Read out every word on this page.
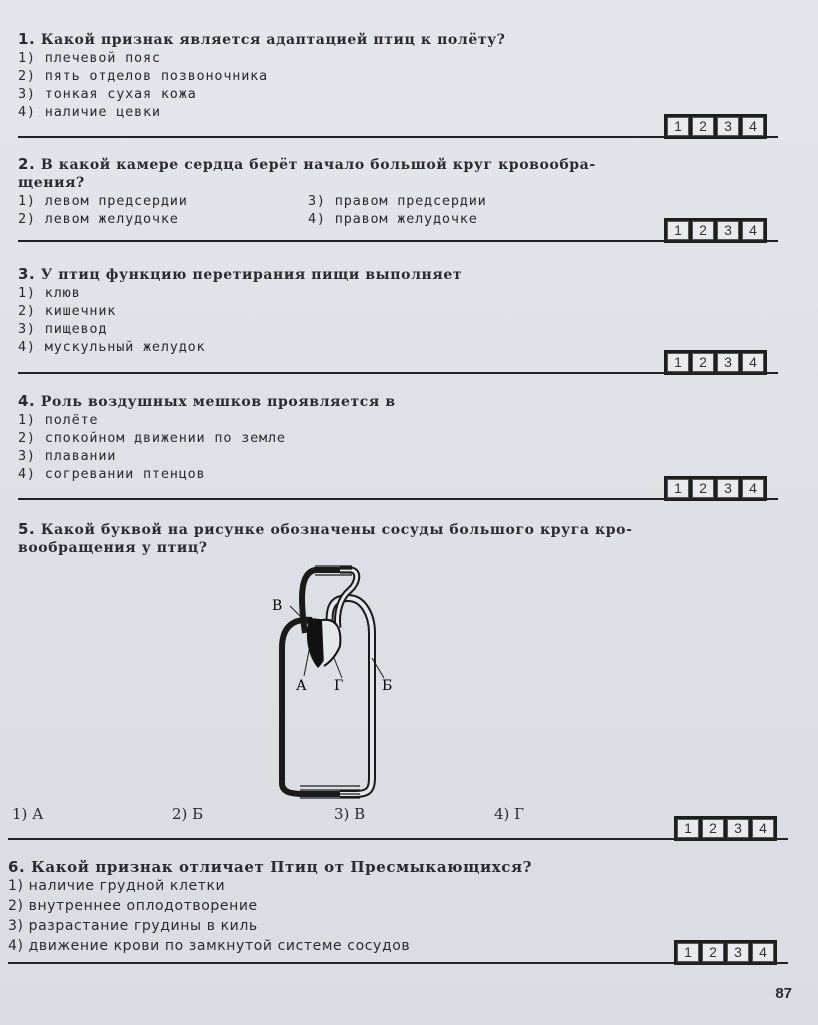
1. Какой признак является адаптацией птиц к полёту?

1) плечевой пояс
2) пять отделов позвоночника
3) тонкая сухая кожа
4) наличие цевки
1	2	3	4

2. В какой камере сердца берёт начало большой круг кровообра-
щения?

1) левом предсердии
2) левом желудочке
3) правом предсердии
4) правом желудочке
1	2	3	4

3. У птиц функцию перетирания пищи выполняет

1) клюв
2) кишечник
3) пищевод
4) мускульный желудок
1	2	3	4

4. Роль воздушных мешков проявляется в

1) полёте
2) спокойном движении по земле
3) плавании
4) согревании птенцов
1	2	3	4

5. Какой буквой на рисунке обозначены сосуды большого круга кро-
вообращения у птиц?

В
А Г	Б
1) А	2) Б	3) В	4) Г
1	2	3	4

6. Какой признак отличает Птиц от Пресмыкающихся?

1) наличие грудной клетки
2) внутреннее оплодотворение
3) разрастание грудины в киль
4) движение крови по замкнутой системе сосудов	1	2	3	4
87
